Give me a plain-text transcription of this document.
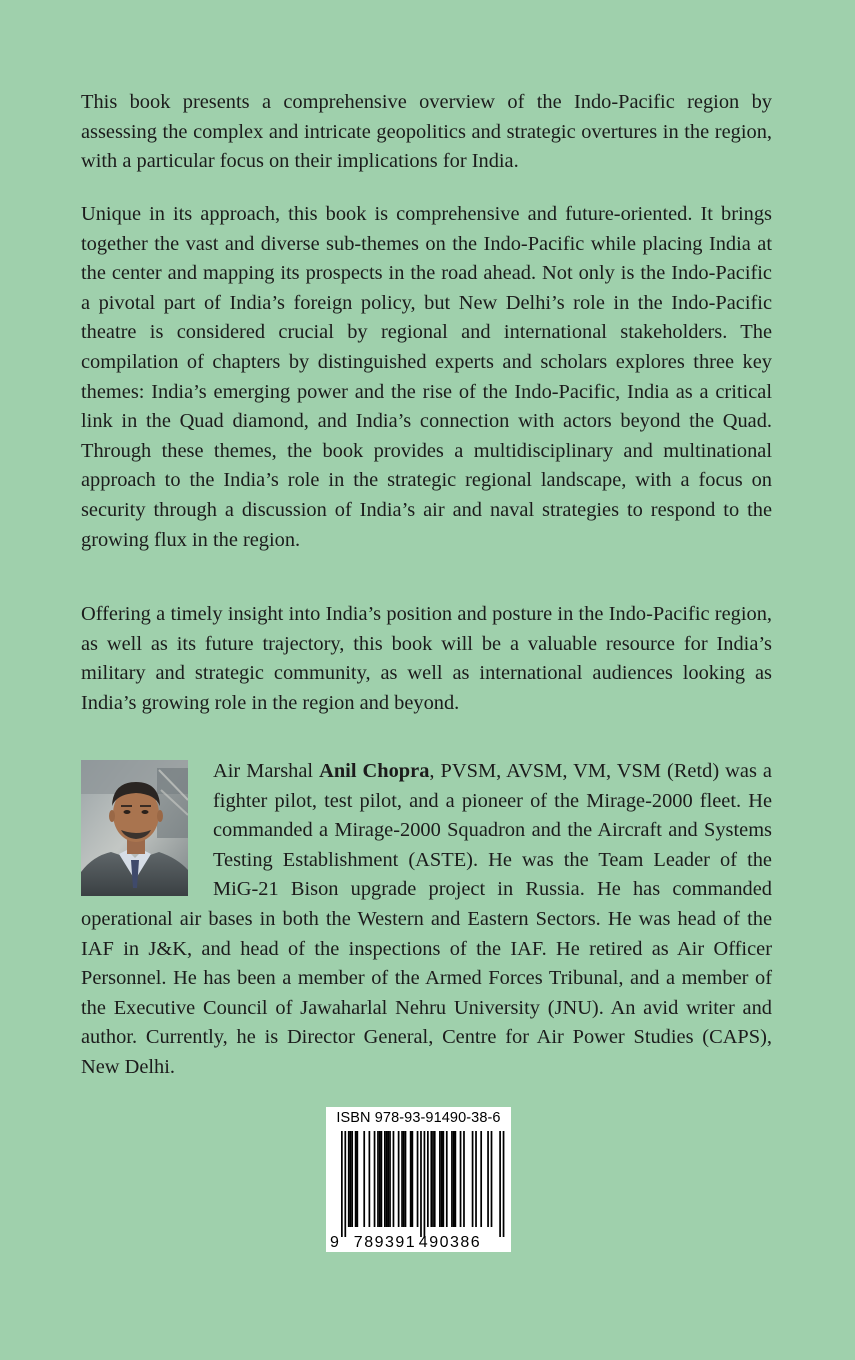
This book presents a comprehensive overview of the Indo-Pacific region by assessing the complex and intricate geopolitics and strategic overtures in the region, with a particular focus on their implications for India.

Unique in its approach, this book is comprehensive and future-oriented. It brings together the vast and diverse sub-themes on the Indo-Pacific while placing India at the center and mapping its prospects in the road ahead. Not only is the Indo-Pacific a pivotal part of India’s foreign policy, but New Delhi’s role in the Indo-Pacific theatre is considered crucial by regional and international stakeholders. The compilation of chapters by distinguished experts and scholars explores three key themes: India’s emerging power and the rise of the Indo-Pacific, India as a critical link in the Quad diamond, and India’s connection with actors beyond the Quad. Through these themes, the book provides a multidisciplinary and multinational approach to the India’s role in the strategic regional landscape, with a focus on security through a discussion of India’s air and naval strategies to respond to the growing flux in the region.

Offering a timely insight into India’s position and posture in the Indo-Pacific region, as well as its future trajectory, this book will be a valuable resource for India’s military and strategic community, as well as international audiences looking as India’s growing role in the region and beyond.

Air Marshal Anil Chopra, PVSM, AVSM, VM, VSM (Retd) was a fighter pilot, test pilot, and a pioneer of the Mirage-2000 fleet. He commanded a Mirage-2000 Squadron and the Aircraft and Systems Testing Establishment (ASTE). He was the Team Leader of the MiG-21 Bison upgrade project in Russia. He has commanded operational air bases in both the Western and Eastern Sectors. He was head of the IAF in J&K, and head of the inspections of the IAF. He retired as Air Officer Personnel. He has been a member of the Armed Forces Tribunal, and a member of the Executive Council of Jawaharlal Nehru University (JNU). An avid writer and author. Currently, he is Director General, Centre for Air Power Studies (CAPS), New Delhi.

ISBN 978-93-91490-38-6
9 789391 490386
